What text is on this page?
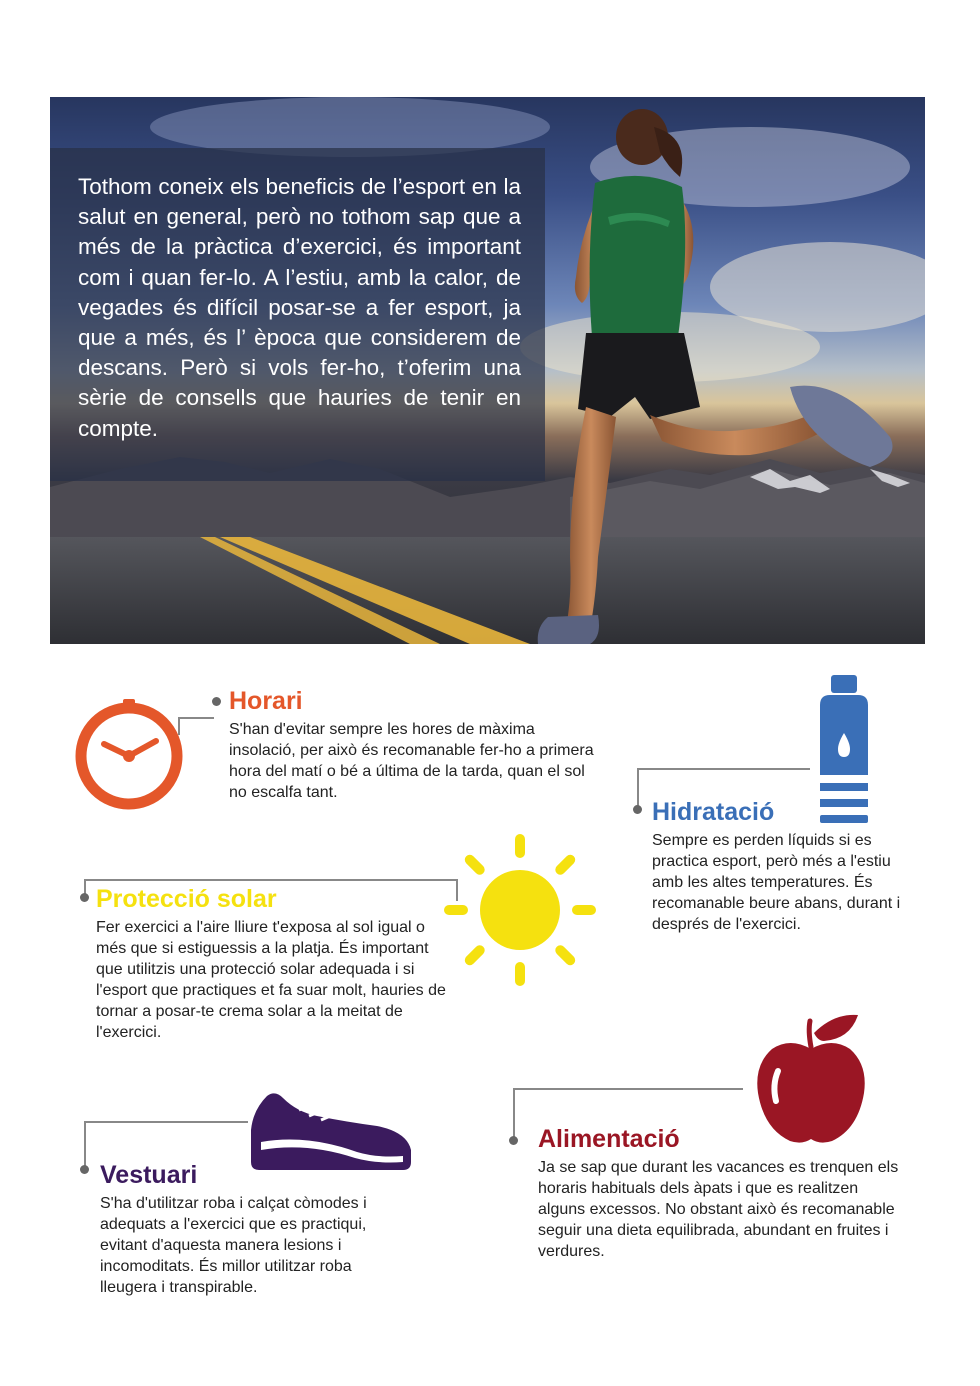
Tothom coneix els beneficis de l’esport en la salut en general, però no tothom sap que a més de la pràctica d’exercici, és important com i quan fer-lo. A l’estiu, amb la calor, de vegades és difícil posar-se a fer esport, ja que a més, és l’ època que considerem de descans. Però si vols fer-ho, t’oferim una sèrie de consells que hauries de tenir en compte.
Horari
S'han d'evitar sempre les hores de màxima insolació, per això és recomanable fer-ho a primera hora del matí o bé a última de la tarda, quan el sol no escalfa tant.
Hidratació
Sempre es perden líquids si es practica esport, però més a l'estiu amb les altes temperatures. És recomanable beure abans, durant i després de l'exercici.
Protecció solar
Fer exercici a l'aire lliure t'exposa al sol igual o més que si estiguessis a la platja. És important que utilitzis una protecció solar adequada i si l'esport que practiques et fa suar molt, hauries de tornar a posar-te crema solar a la meitat de l'exercici.
Vestuari
S'ha d'utilitzar roba i calçat còmodes i adequats a l'exercici que es practiqui, evitant d'aquesta manera lesions i incomoditats. És millor utilitzar roba lleugera i transpirable.
Alimentació
Ja se sap que durant les vacances es trenquen els horaris habituals dels àpats i que es realitzen alguns excessos. No obstant això és recomanable seguir una dieta equilibrada, abundant en fruites i verdures.
